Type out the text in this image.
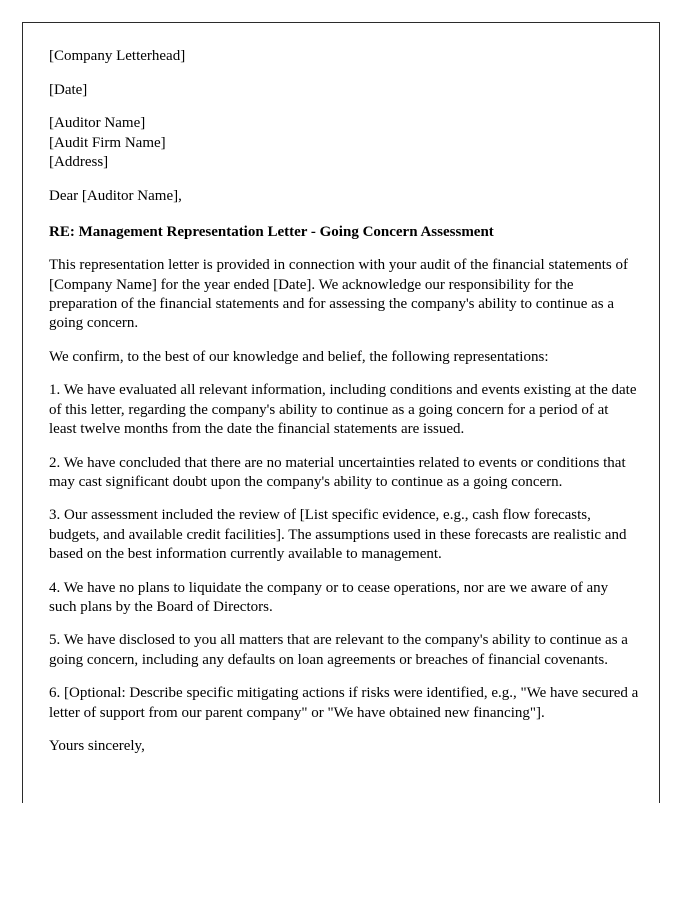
[Company Letterhead]
[Date]
[Auditor Name]
[Audit Firm Name]
[Address]
Dear [Auditor Name],
RE: Management Representation Letter - Going Concern Assessment

This representation letter is provided in connection with your audit of the financial statements of [Company Name] for the year ended [Date]. We acknowledge our responsibility for the preparation of the financial statements and for assessing the company's ability to continue as a going concern.

We confirm, to the best of our knowledge and belief, the following representations:

1. We have evaluated all relevant information, including conditions and events existing at the date of this letter, regarding the company's ability to continue as a going concern for a period of at least twelve months from the date the financial statements are issued.

2. We have concluded that there are no material uncertainties related to events or conditions that may cast significant doubt upon the company's ability to continue as a going concern.

3. Our assessment included the review of [List specific evidence, e.g., cash flow forecasts, budgets, and available credit facilities]. The assumptions used in these forecasts are realistic and based on the best information currently available to management.

4. We have no plans to liquidate the company or to cease operations, nor are we aware of any such plans by the Board of Directors.

5. We have disclosed to you all matters that are relevant to the company's ability to continue as a going concern, including any defaults on loan agreements or breaches of financial covenants.

6. [Optional: Describe specific mitigating actions if risks were identified, e.g., "We have secured a letter of support from our parent company" or "We have obtained new financing"].

Yours sincerely,
